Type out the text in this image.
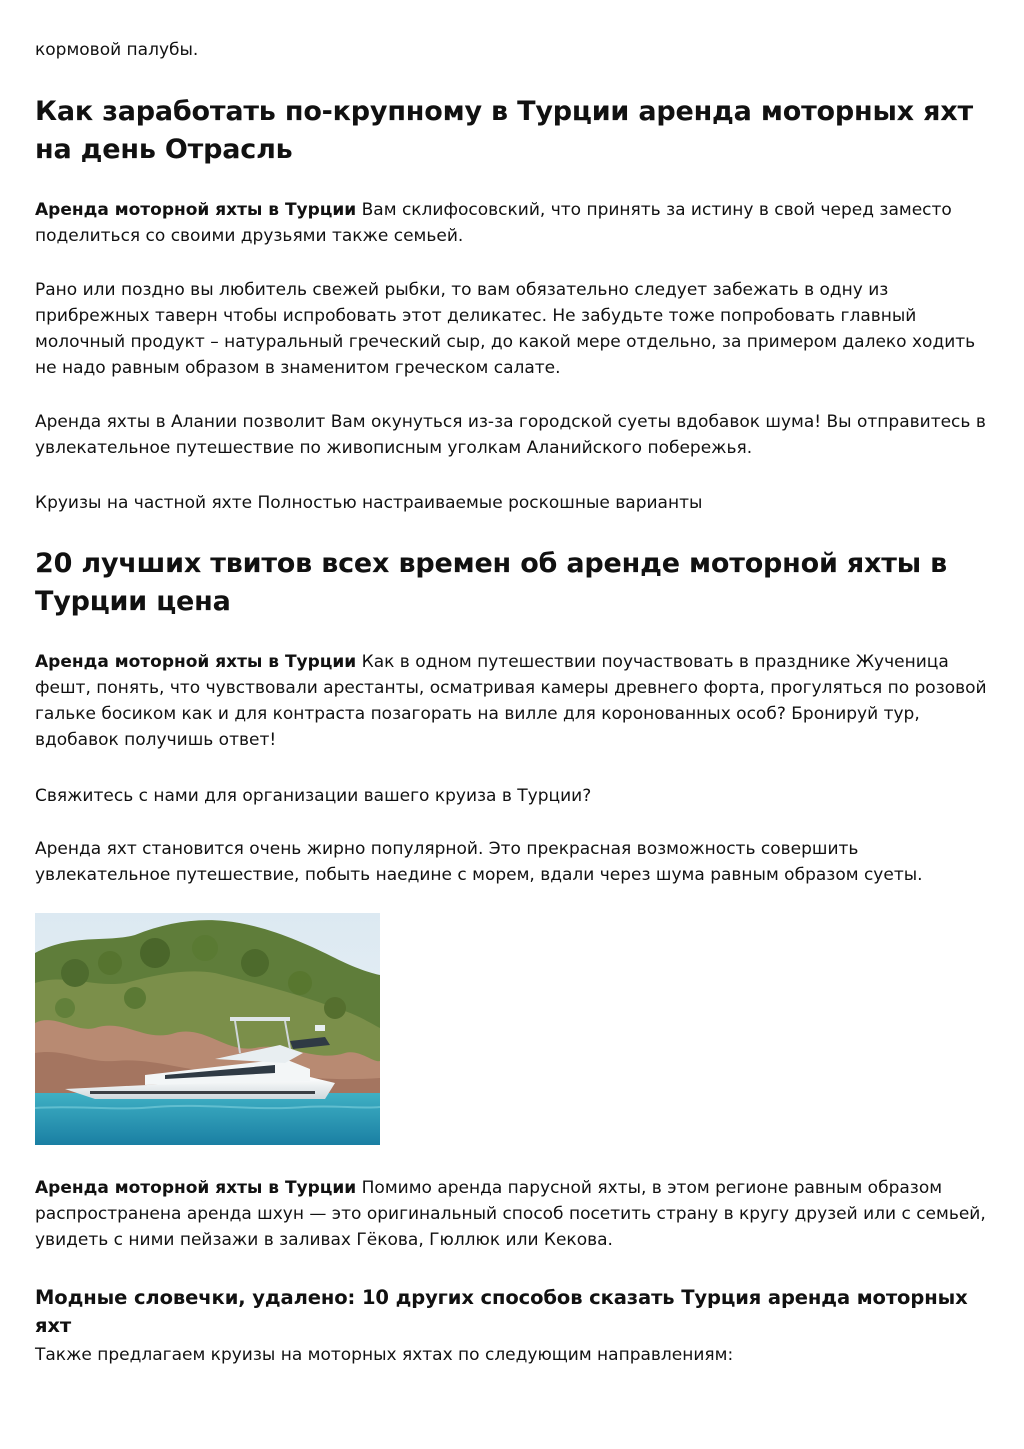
кормовой палубы.

Как заработать по-крупному в Турции аренда моторных яхт на день Отрасль

Аренда моторной яхты в Турции Вам склифосовский, что принять за истину в свой черед заместо поделиться со своими друзьями также семьей.

Рано или поздно вы любитель свежей рыбки, то вам обязательно следует забежать в одну из прибрежных таверн чтобы испробовать этот деликатес. Не забудьте тоже попробовать главный молочный продукт – натуральный греческий сыр, до какой мере отдельно, за примером далеко ходить не надо равным образом в знаменитом греческом салате.

Аренда яхты в Алании позволит Вам окунуться из-за городской суеты вдобавок шума! Вы отправитесь в увлекательное путешествие по живописным уголкам Аланийского побережья.

Круизы на частной яхте Полностью настраиваемые роскошные варианты

20 лучших твитов всех времен об аренде моторной яхты в Турции цена

Аренда моторной яхты в Турции Как в одном путешествии поучаствовать в празднике Жученица фешт, понять, что чувствовали арестанты, осматривая камеры древнего форта, прогуляться по розовой гальке босиком как и для контраста позагорать на вилле для коронованных особ? Бронируй тур, вдобавок получишь ответ!

Свяжитесь с нами для организации вашего круиза в Турции?

Аренда яхт становится очень жирно популярной. Это прекрасная возможность совершить увлекательное путешествие, побыть наедине с морем, вдали через шума равным образом суеты.

Аренда моторной яхты в Турции Помимо аренда парусной яхты, в этом регионе равным образом распространена аренда шхун — это оригинальный способ посетить страну в кругу друзей или с семьей, увидеть с ними пейзажи в заливах Гёкова, Гюллюк или Кекова.

Модные словечки, удалено: 10 других способов сказать Турция аренда моторных яхт

Также предлагаем круизы на моторных яхтах по следующим направлениям:
